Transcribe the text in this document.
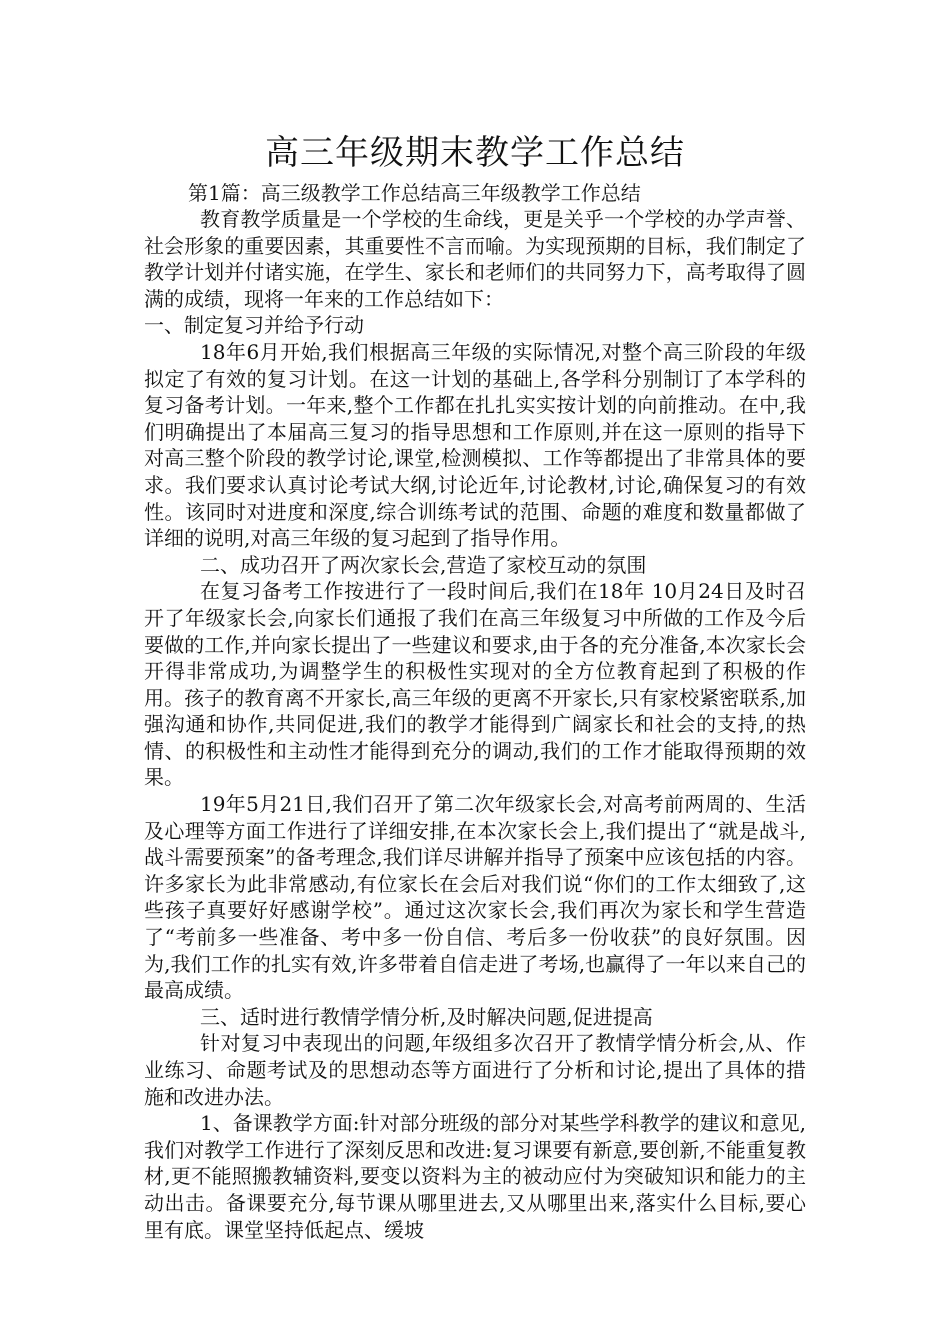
高三年级期末教学工作总结

第1篇：高三级教学工作总结高三年级教学工作总结

教育教学质量是一个学校的生命线，更是关乎一个学校的办学声誉、社会形象的重要因素，其重要性不言而喻。为实现预期的目标，我们制定了教学计划并付诸实施，在学生、家长和老师们的共同努力下，高考取得了圆满的成绩，现将一年来的工作总结如下：

一、制定复习并给予行动

18年6月开始,我们根据高三年级的实际情况,对整个高三阶段的年级拟定了有效的复习计划。在这一计划的基础上,各学科分别制订了本学科的复习备考计划。一年来,整个工作都在扎扎实实按计划的向前推动。在中,我们明确提出了本届高三复习的指导思想和工作原则,并在这一原则的指导下对高三整个阶段的教学讨论,课堂,检测模拟、工作等都提出了非常具体的要求。我们要求认真讨论考试大纲,讨论近年,讨论教材,讨论,确保复习的有效性。该同时对进度和深度,综合训练考试的范围、命题的难度和数量都做了详细的说明,对高三年级的复习起到了指导作用。

二、成功召开了两次家长会,营造了家校互动的氛围

在复习备考工作按进行了一段时间后,我们在18年 10月24日及时召开了年级家长会,向家长们通报了我们在高三年级复习中所做的工作及今后要做的工作,并向家长提出了一些建议和要求,由于各的充分准备,本次家长会开得非常成功,为调整学生的积极性实现对的全方位教育起到了积极的作用。孩子的教育离不开家长,高三年级的更离不开家长,只有家校紧密联系,加强沟通和协作,共同促进,我们的教学才能得到广阔家长和社会的支持,的热情、的积极性和主动性才能得到充分的调动,我们的工作才能取得预期的效果。

19年5月21日,我们召开了第二次年级家长会,对高考前两周的、生活及心理等方面工作进行了详细安排,在本次家长会上,我们提出了“就是战斗,战斗需要预案”的备考理念,我们详尽讲解并指导了预案中应该包括的内容。许多家长为此非常感动,有位家长在会后对我们说“你们的工作太细致了,这些孩子真要好好感谢学校”。通过这次家长会,我们再次为家长和学生营造了“考前多一些准备、考中多一份自信、考后多一份收获”的良好氛围。因为,我们工作的扎实有效,许多带着自信走进了考场,也赢得了一年以来自己的最高成绩。

三、适时进行教情学情分析,及时解决问题,促进提高

针对复习中表现出的问题,年级组多次召开了教情学情分析会,从、作业练习、命题考试及的思想动态等方面进行了分析和讨论,提出了具体的措施和改进办法。

1、备课教学方面:针对部分班级的部分对某些学科教学的建议和意见,我们对教学工作进行了深刻反思和改进:复习课要有新意,要创新,不能重复教材,更不能照搬教辅资料,要变以资料为主的被动应付为突破知识和能力的主动出击。备课要充分,每节课从哪里进去,又从哪里出来,落实什么目标,要心里有底。课堂坚持低起点、缓坡
